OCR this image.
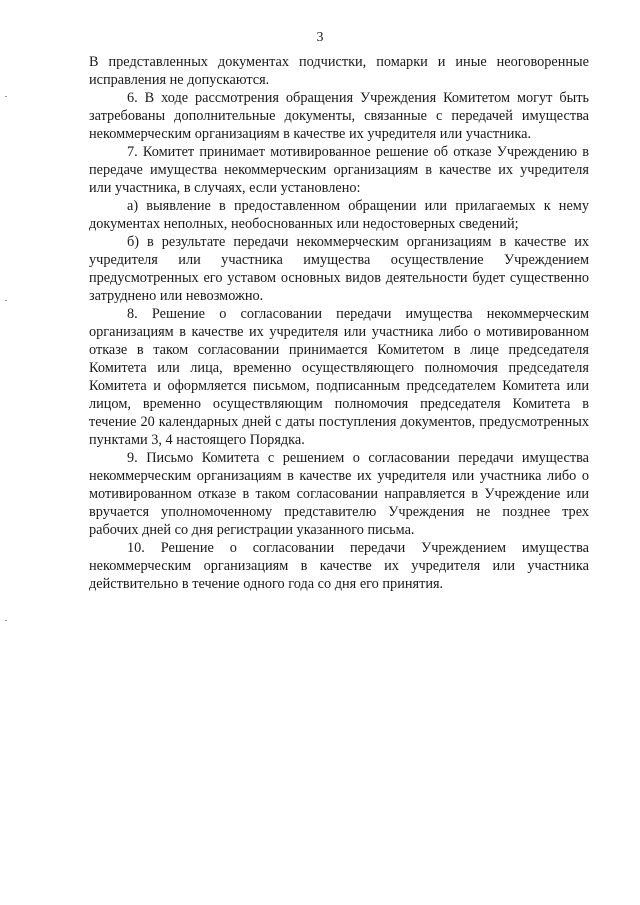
3

В представленных документах подчистки, помарки и иные неоговоренные исправления не допускаются.

6. В ходе рассмотрения обращения Учреждения Комитетом могут быть затребованы дополнительные документы, связанные с передачей имущества некоммерческим организациям в качестве их учредителя или участника.

7. Комитет принимает мотивированное решение об отказе Учреждению в передаче имущества некоммерческим организациям в качестве их учредителя или участника, в случаях, если установлено:

а) выявление в предоставленном обращении или прилагаемых к нему документах неполных, необоснованных или недостоверных сведений;

б) в результате передачи некоммерческим организациям в качестве их учредителя или участника имущества осуществление Учреждением предусмотренных его уставом основных видов деятельности будет существенно затруднено или невозможно.

8. Решение о согласовании передачи имущества некоммерческим организациям в качестве их учредителя или участника либо о мотивированном отказе в таком согласовании принимается Комитетом в лице председателя Комитета или лица, временно осуществляющего полномочия председателя Комитета и оформляется письмом, подписанным председателем Комитета или лицом, временно осуществляющим полномочия председателя Комитета в течение 20 календарных дней с даты поступления документов, предусмотренных пунктами 3, 4 настоящего Порядка.

9. Письмо Комитета с решением о согласовании передачи имущества некоммерческим организациям в качестве их учредителя или участника либо о мотивированном отказе в таком согласовании направляется в Учреждение или вручается уполномоченному представителю Учреждения не позднее трех рабочих дней со дня регистрации указанного письма.

10. Решение о согласовании передачи Учреждением имущества некоммерческим организациям в качестве их учредителя или участника действительно в течение одного года со дня его принятия.
